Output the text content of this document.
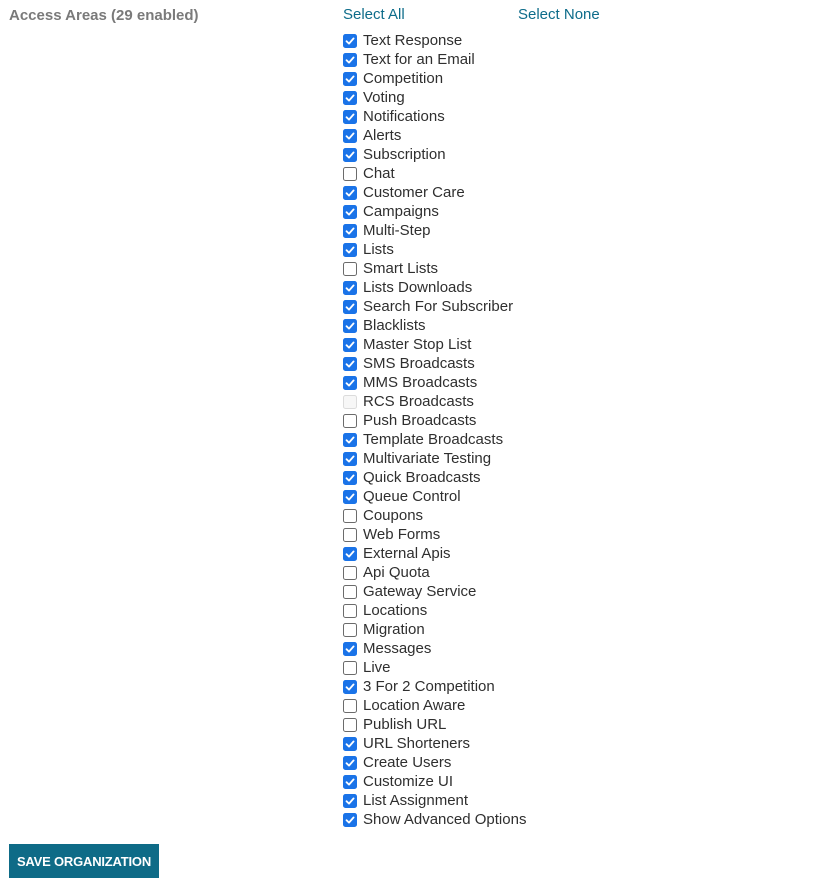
Access Areas (29 enabled)	Select All	Select None
Text Response
Text for an Email
Competition
Voting
Notifications
Alerts
Subscription
Chat
Customer Care
Campaigns
Multi-Step
Lists
Smart Lists
Lists Downloads
Search For Subscriber
Blacklists
Master Stop List
SMS Broadcasts
MMS Broadcasts
RCS Broadcasts
Push Broadcasts
Template Broadcasts
Multivariate Testing
Quick Broadcasts
Queue Control
Coupons
Web Forms
External Apis
Api Quota
Gateway Service
Locations
Migration
Messages
Live
3 For 2 Competition
Location Aware
Publish URL
URL Shorteners
Create Users
Customize UI
List Assignment
Show Advanced Options
SAVE ORGANIZATION
